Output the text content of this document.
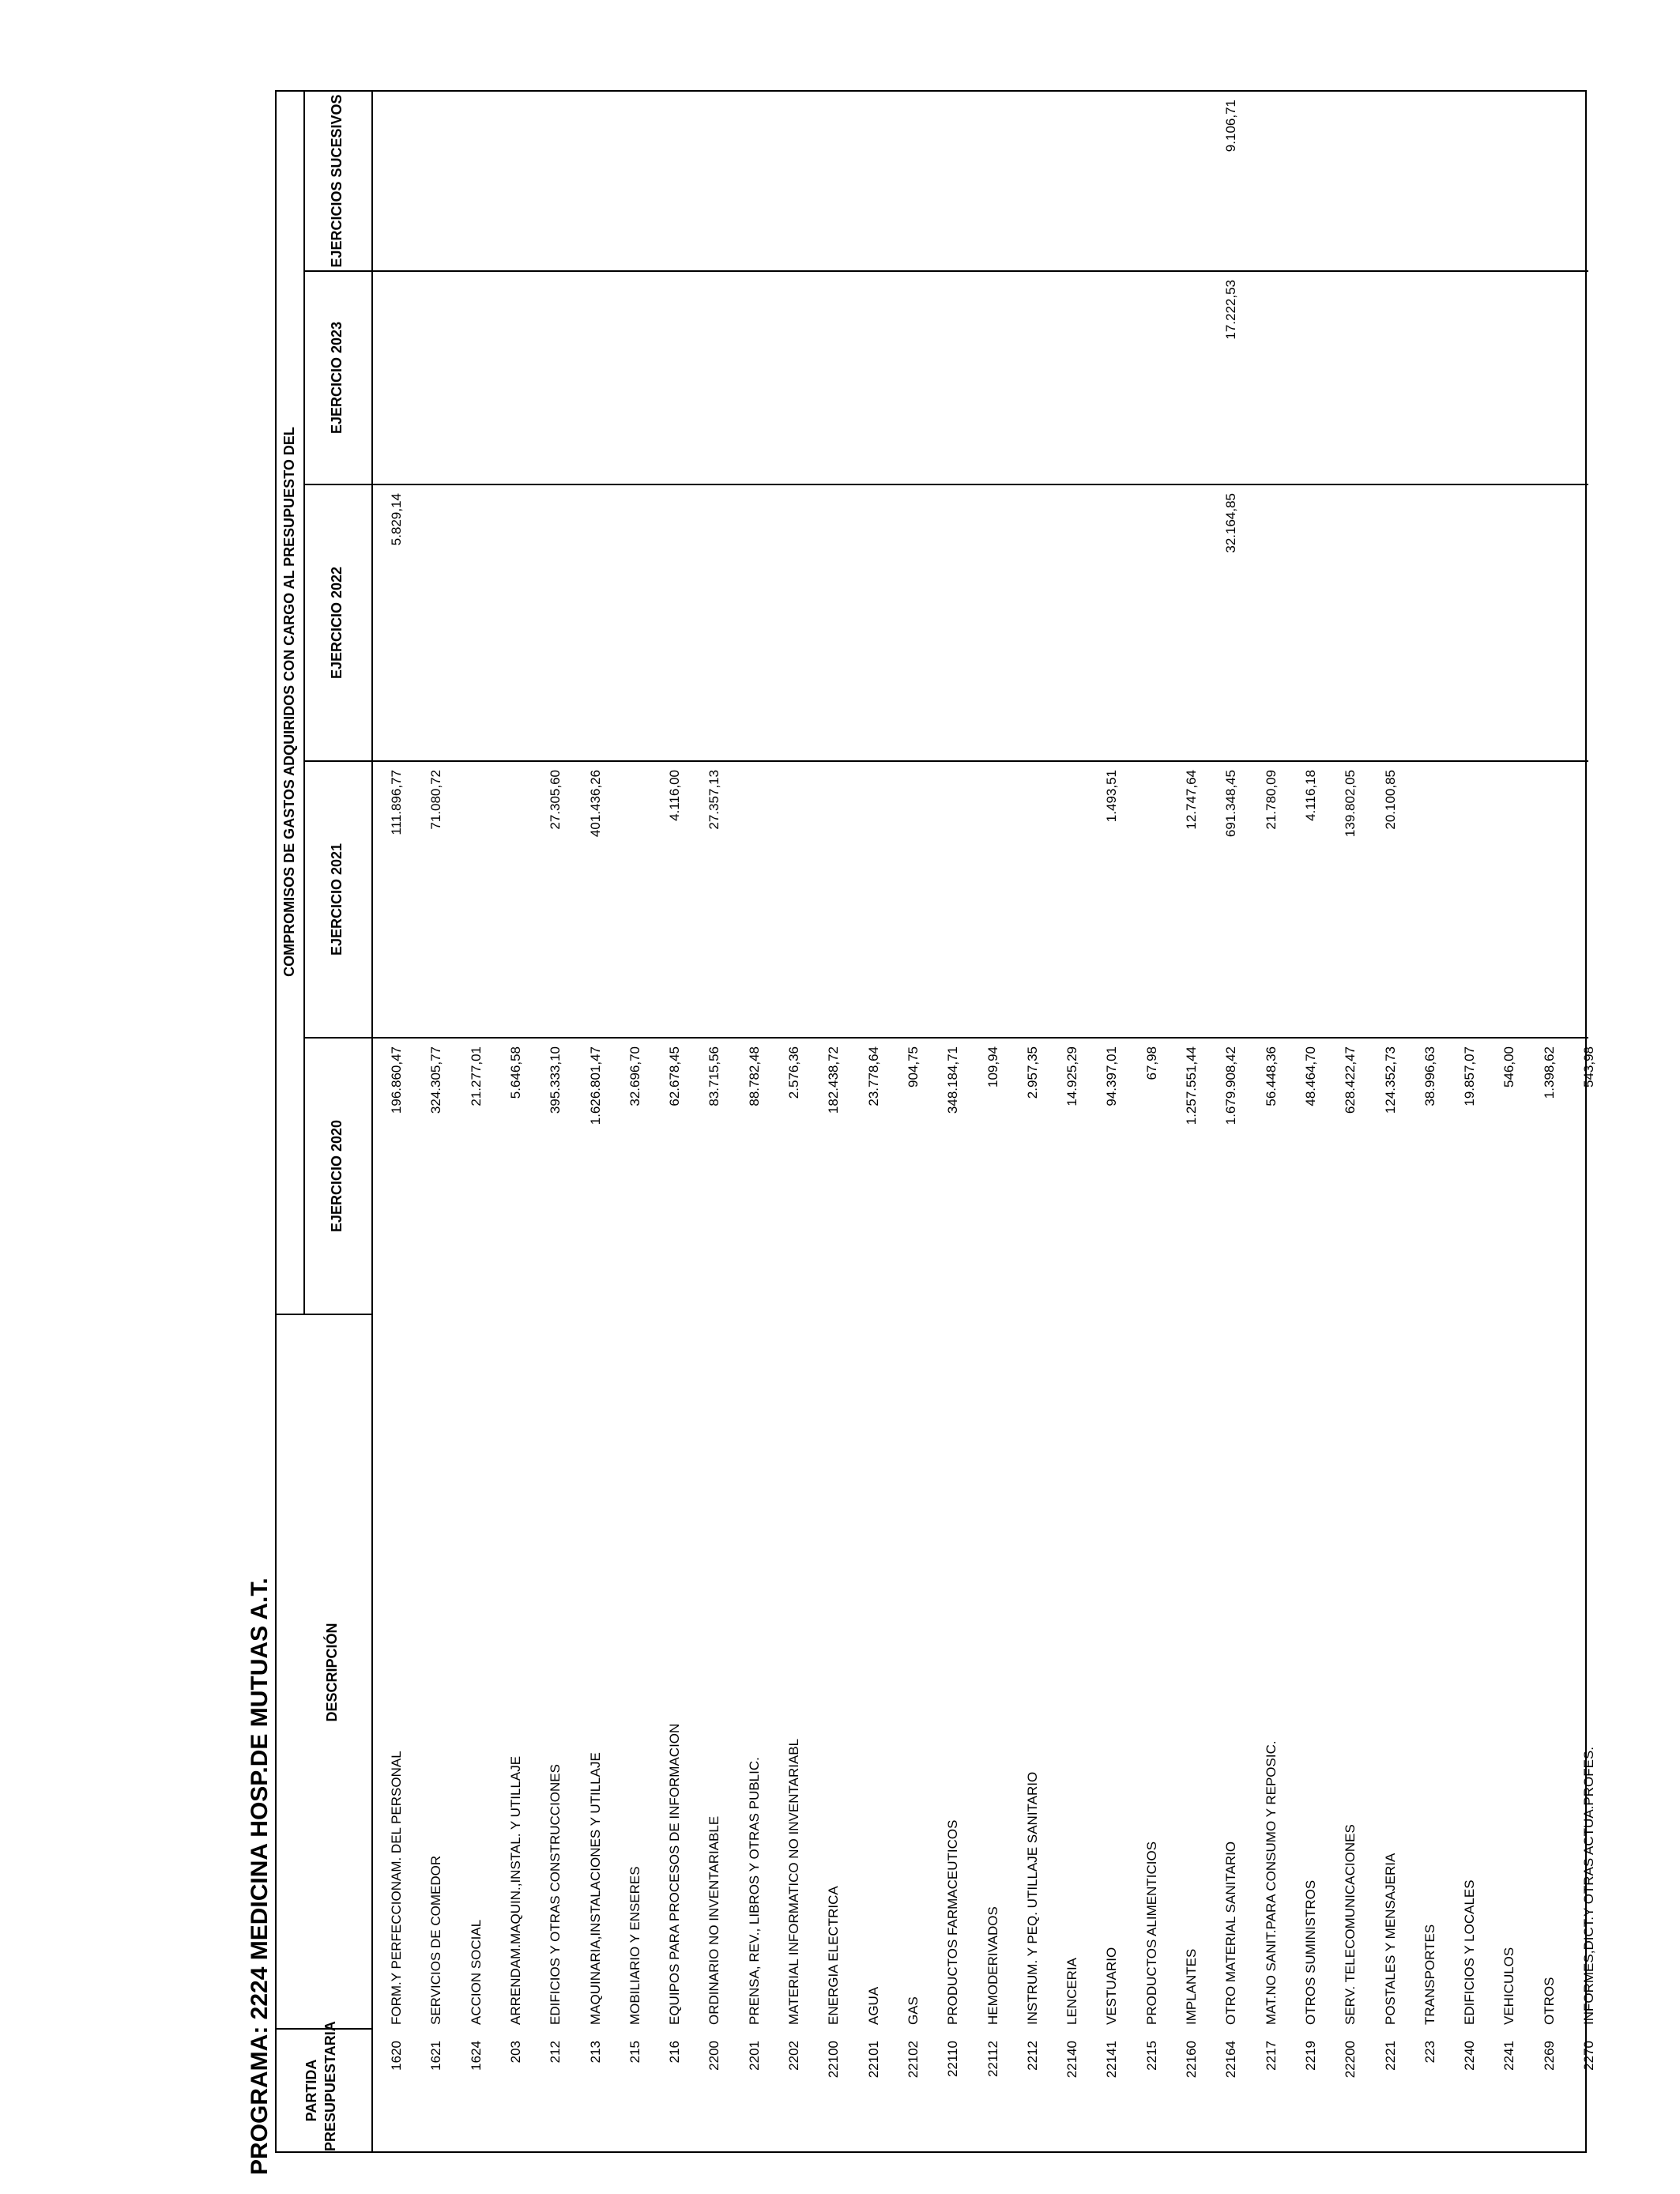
PROGRAMA: 2224 MEDICINA HOSP.DE MUTUAS A.T. PARTIDA PRESUPUESTARIA
DESCRIPCIÓN
COMPROMISOS DE GASTOS ADQUIRIDOS CON CARGO AL PRESUPUESTO DEL
EJERCICIO 2020
EJERCICIO 2021
EJERCICIO 2022
EJERCICIO 2023
EJERCICIOS SUCESIVOS
1620
FORM.Y PERFECCIONAM. DEL PERSONAL
196.860,47
111.896,77
5.829,14
1621
SERVICIOS DE COMEDOR
324.305,77
71.080,72
1624
ACCION SOCIAL
21.277,01
203
ARRENDAM.MAQUIN.,INSTAL. Y UTILLAJE
5.646,58
212
EDIFICIOS Y OTRAS CONSTRUCCIONES
395.333,10
27.305,60
213
MAQUINARIA,INSTALACIONES Y UTILLAJE
1.626.801,47
401.436,26
215
MOBILIARIO Y ENSERES
32.696,70
216
EQUIPOS PARA PROCESOS DE INFORMACION
62.678,45
4.116,00
2200
ORDINARIO NO INVENTARIABLE
83.715,56
27.357,13
2201
PRENSA, REV., LIBROS Y OTRAS PUBLIC.
88.782,48
2202
MATERIAL INFORMATICO NO INVENTARIABL
2.576,36
22100
ENERGIA ELECTRICA
182.438,72
22101
AGUA
23.778,64
22102
GAS
904,75
22110
PRODUCTOS FARMACEUTICOS
348.184,71
22112
HEMODERIVADOS
109,94
2212
INSTRUM. Y PEQ. UTILLAJE SANITARIO
2.957,35
22140
LENCERIA
14.925,29
22141
VESTUARIO
94.397,01
1.493,51
2215
PRODUCTOS ALIMENTICIOS
67,98
22160
IMPLANTES
1.257.551,44
12.747,64
22164
OTRO MATERIAL SANITARIO
1.679.908,42
691.348,45
32.164,85
17.222,53
9.106,71
2217
MAT.NO SANIT.PARA CONSUMO Y REPOSIC.
56.448,36
21.780,09
2219
OTROS SUMINISTROS
48.464,70
4.116,18
22200
SERV. TELECOMUNICACIONES
628.422,47
139.802,05
2221
POSTALES Y MENSAJERIA
124.352,73
20.100,85
223
TRANSPORTES
38.996,63
2240
EDIFICIOS Y LOCALES
19.857,07
2241
VEHICULOS
546,00
2269
OTROS
1.398,62
2270
INFORMES,DICT.Y OTRAS ACTUA.PROFES.
543,98
